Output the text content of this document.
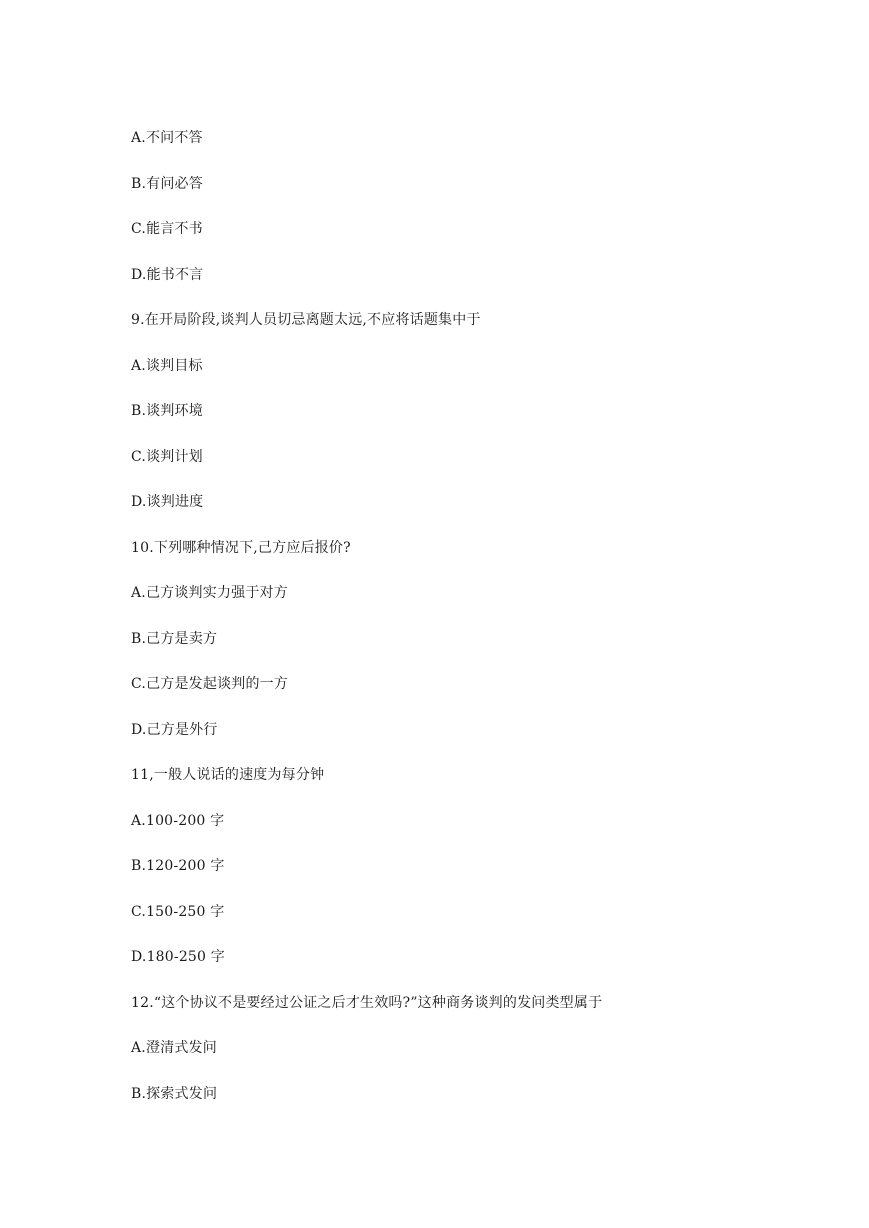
A.不问不答
B.有问必答
C.能言不书
D.能书不言
9.在开局阶段,谈判人员切忌离题太远,不应将话题集中于
A.谈判目标
B.谈判环境
C.谈判计划
D.谈判进度
10.下列哪种情况下,己方应后报价?
A.己方谈判实力强于对方
B.己方是卖方
C.己方是发起谈判的一方
D.己方是外行
11,一般人说话的速度为每分钟
A.100-200 字
B.120-200 字
C.150-250 字
D.180-250 字
12.“这个协议不是要经过公证之后才生效吗?”这种商务谈判的发问类型属于
A.澄清式发问
B.探索式发问
